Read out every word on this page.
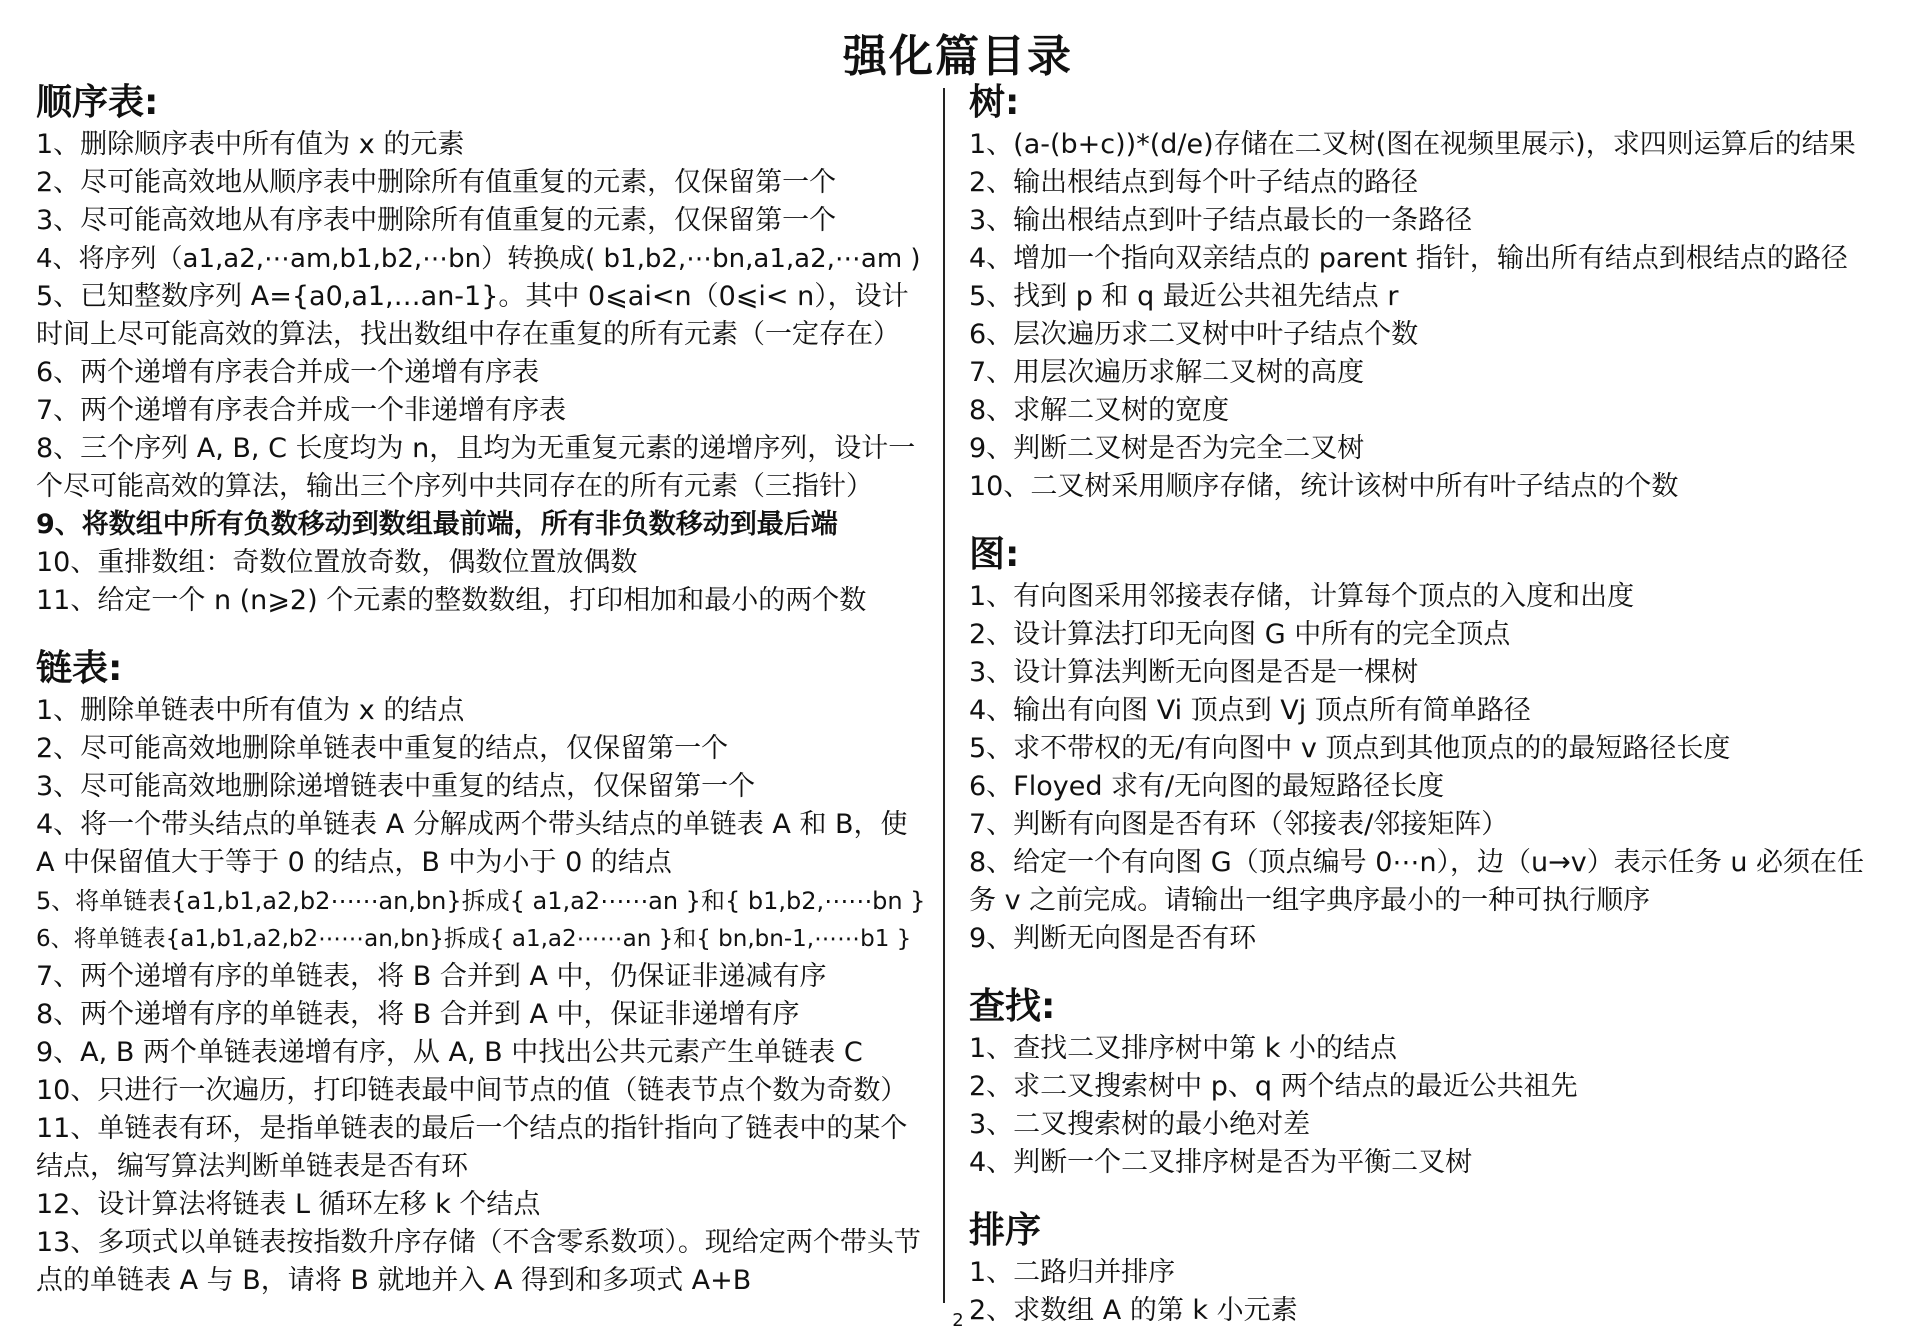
强化篇目录
顺序表:
1、删除顺序表中所有值为 x 的元素
2、尽可能高效地从顺序表中删除所有值重复的元素，仅保留第一个
3、尽可能高效地从有序表中删除所有值重复的元素，仅保留第一个
4、将序列（a1,a2,⋯am,b1,b2,⋯bn）转换成( b1,b2,⋯bn,a1,a2,⋯am )
5、已知整数序列 A={a0,a1,…an-1}。其中 0⩽ai<n（0⩽i< n），设计时间上尽可能高效的算法，找出数组中存在重复的所有元素（一定存在）
6、两个递增有序表合并成一个递增有序表
7、两个递增有序表合并成一个非递增有序表
8、三个序列 A, B, C 长度均为 n，且均为无重复元素的递增序列，设计一个尽可能高效的算法，输出三个序列中共同存在的所有元素（三指针）
9、将数组中所有负数移动到数组最前端，所有非负数移动到最后端
10、重排数组：奇数位置放奇数，偶数位置放偶数
11、给定一个 n (n⩾2) 个元素的整数数组，打印相加和最小的两个数
链表:
1、删除单链表中所有值为 x 的结点
2、尽可能高效地删除单链表中重复的结点，仅保留第一个
3、尽可能高效地删除递增链表中重复的结点，仅保留第一个
4、将一个带头结点的单链表 A 分解成两个带头结点的单链表 A 和 B，使 A 中保留值大于等于 0 的结点，B 中为小于 0 的结点
5、将单链表{a1,b1,a2,b2⋯⋯an,bn}拆成{ a1,a2⋯⋯an }和{ b1,b2,⋯⋯bn }
6、将单链表{a1,b1,a2,b2⋯⋯an,bn}拆成{ a1,a2⋯⋯an }和{ bn,bn-1,⋯⋯b1 }
7、两个递增有序的单链表，将 B 合并到 A 中，仍保证非递减有序
8、两个递增有序的单链表，将 B 合并到 A 中，保证非递增有序
9、A, B 两个单链表递增有序，从 A, B 中找出公共元素产生单链表 C
10、只进行一次遍历，打印链表最中间节点的值（链表节点个数为奇数）
11、单链表有环，是指单链表的最后一个结点的指针指向了链表中的某个结点，编写算法判断单链表是否有环
12、设计算法将链表 L 循环左移 k 个结点
13、多项式以单链表按指数升序存储（不含零系数项）。现给定两个带头节点的单链表 A 与 B，请将 B 就地并入 A 得到和多项式 A+B
树:
1、(a-(b+c))*(d/e)存储在二叉树(图在视频里展示)，求四则运算后的结果
2、输出根结点到每个叶子结点的路径
3、输出根结点到叶子结点最长的一条路径
4、增加一个指向双亲结点的 parent 指针，输出所有结点到根结点的路径
5、找到 p 和 q 最近公共祖先结点 r
6、层次遍历求二叉树中叶子结点个数
7、用层次遍历求解二叉树的高度
8、求解二叉树的宽度
9、判断二叉树是否为完全二叉树
10、二叉树采用顺序存储，统计该树中所有叶子结点的个数
图:
1、有向图采用邻接表存储，计算每个顶点的入度和出度
2、设计算法打印无向图 G 中所有的完全顶点
3、设计算法判断无向图是否是一棵树
4、输出有向图 Vi 顶点到 Vj 顶点所有简单路径
5、求不带权的无/有向图中 v 顶点到其他顶点的的最短路径长度
6、Floyed 求有/无向图的最短路径长度
7、判断有向图是否有环（邻接表/邻接矩阵）
8、给定一个有向图 G（顶点编号 0⋯n），边（u→v）表示任务 u 必须在任务 v 之前完成。请输出一组字典序最小的一种可执行顺序
9、判断无向图是否有环
查找:
1、查找二叉排序树中第 k 小的结点
2、求二叉搜索树中 p、q 两个结点的最近公共祖先
3、二叉搜索树的最小绝对差
4、判断一个二叉排序树是否为平衡二叉树
排序
1、二路归并排序
2、求数组 A 的第 k 小元素
2
